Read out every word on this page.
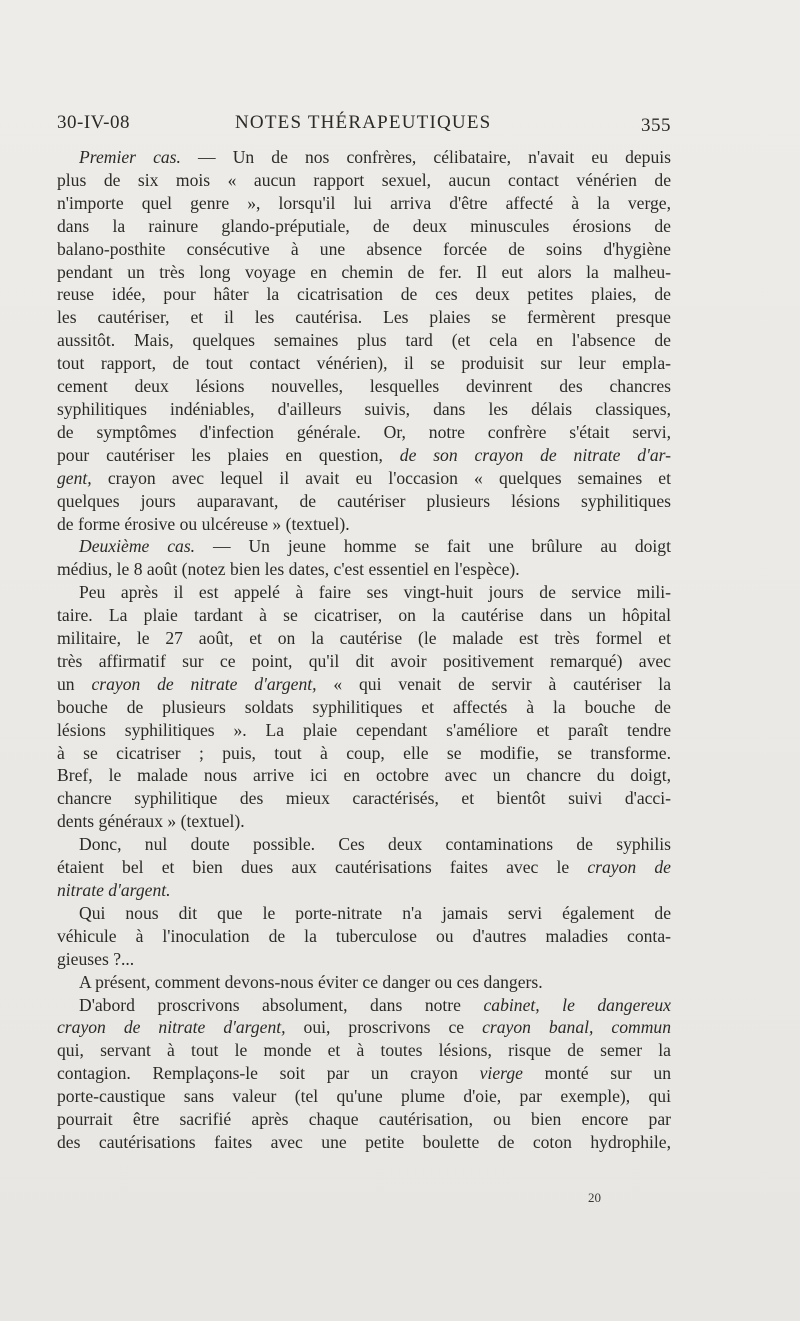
30-IV-08	NOTES THÉRAPEUTIQUES	355
Premier cas. — Un de nos confrères, célibataire, n'avait eu depuis
plus de six mois « aucun rapport sexuel, aucun contact vénérien de
n'importe quel genre », lorsqu'il lui arriva d'être affecté à la verge,
dans la rainure glando-préputiale, de deux minuscules érosions de
balano-posthite consécutive à une absence forcée de soins d'hygiène
pendant un très long voyage en chemin de fer. Il eut alors la malheu-
reuse idée, pour hâter la cicatrisation de ces deux petites plaies, de
les cautériser, et il les cautérisa. Les plaies se fermèrent presque
aussitôt. Mais, quelques semaines plus tard (et cela en l'absence de
tout rapport, de tout contact vénérien), il se produisit sur leur empla-
cement deux lésions nouvelles, lesquelles devinrent des chancres
syphilitiques indéniables, d'ailleurs suivis, dans les délais classiques,
de symptômes d'infection générale. Or, notre confrère s'était servi,
pour cautériser les plaies en question, de son crayon de nitrate d'ar-
gent, crayon avec lequel il avait eu l'occasion « quelques semaines et
quelques jours auparavant, de cautériser plusieurs lésions syphilitiques
de forme érosive ou ulcéreuse » (textuel).
Deuxième cas. — Un jeune homme se fait une brûlure au doigt
médius, le 8 août (notez bien les dates, c'est essentiel en l'espèce).
Peu après il est appelé à faire ses vingt-huit jours de service mili-
taire. La plaie tardant à se cicatriser, on la cautérise dans un hôpital
militaire, le 27 août, et on la cautérise (le malade est très formel et
très affirmatif sur ce point, qu'il dit avoir positivement remarqué) avec
un crayon de nitrate d'argent, « qui venait de servir à cautériser la
bouche de plusieurs soldats syphilitiques et affectés à la bouche de
lésions syphilitiques ». La plaie cependant s'améliore et paraît tendre
à se cicatriser ; puis, tout à coup, elle se modifie, se transforme.
Bref, le malade nous arrive ici en octobre avec un chancre du doigt,
chancre syphilitique des mieux caractérisés, et bientôt suivi d'acci-
dents généraux » (textuel).
Donc, nul doute possible. Ces deux contaminations de syphilis
étaient bel et bien dues aux cautérisations faites avec le crayon de
nitrate d'argent.
Qui nous dit que le porte-nitrate n'a jamais servi également de
véhicule à l'inoculation de la tuberculose ou d'autres maladies conta-
gieuses ?...
A présent, comment devons-nous éviter ce danger ou ces dangers.
D'abord proscrivons absolument, dans notre cabinet, le dangereux
crayon de nitrate d'argent, oui, proscrivons ce crayon banal, commun
qui, servant à tout le monde et à toutes lésions, risque de semer la
contagion. Remplaçons-le soit par un crayon vierge monté sur un
porte-caustique sans valeur (tel qu'une plume d'oie, par exemple), qui
pourrait être sacrifié après chaque cautérisation, ou bien encore par
des cautérisations faites avec une petite boulette de coton hydrophile,
20
